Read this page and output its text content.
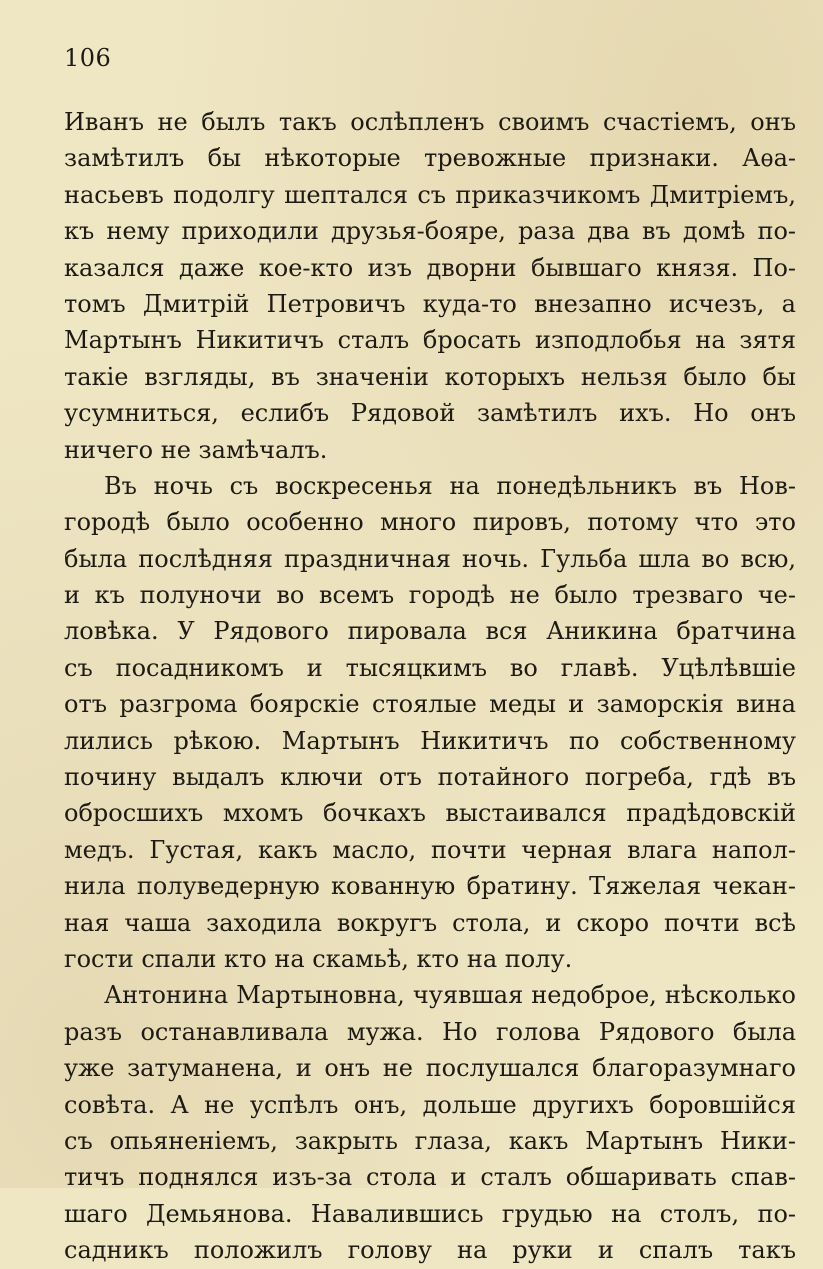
106
Иванъ не былъ такъ ослѣпленъ своимъ счастіемъ, онъ
замѣтилъ бы нѣкоторые тревожные признаки. Аѳа-
насьевъ подолгу шептался съ приказчикомъ Дмитріемъ,
къ нему приходили друзья-бояре, раза два въ домѣ по-
казался даже кое-кто изъ дворни бывшаго князя. По-
томъ Дмитрій Петровичъ куда-то внезапно исчезъ, а
Мартынъ Никитичъ сталъ бросать изподлобья на зятя
такіе взгляды, въ значеніи которыхъ нельзя было бы
усумниться, еслибъ Рядовой замѣтилъ ихъ. Но онъ
ничего не замѣчалъ.
Въ ночь съ воскресенья на понедѣльникъ въ Нов-
городѣ было особенно много пировъ, потому что это
была послѣдняя праздничная ночь. Гульба шла во всю,
и къ полуночи во всемъ городѣ не было трезваго че-
ловѣка. У Рядового пировала вся Аникина братчина
съ посадникомъ и тысяцкимъ во главѣ. Уцѣлѣвшіе
отъ разгрома боярскіе стоялые меды и заморскія вина
лились рѣкою. Мартынъ Никитичъ по собственному
почину выдалъ ключи отъ потайного погреба, гдѣ въ
обросшихъ мхомъ бочкахъ выстаивался прадѣдовскій
медъ. Густая, какъ масло, почти черная влага напол-
нила полуведерную кованную братину. Тяжелая чекан-
ная чаша заходила вокругъ стола, и скоро почти всѣ
гости спали кто на скамьѣ, кто на полу.
Антонина Мартыновна, чуявшая недоброе, нѣсколько
разъ останавливала мужа. Но голова Рядового была
уже затуманена, и онъ не послушался благоразумнаго
совѣта. А не успѣлъ онъ, дольше другихъ боровшійся
съ опьяненіемъ, закрыть глаза, какъ Мартынъ Ники-
тичъ поднялся изъ-за стола и сталъ обшаривать спав-
шаго Демьянова. Навалившись грудью на столъ, по-
садникъ положилъ голову на руки и спалъ такъ
